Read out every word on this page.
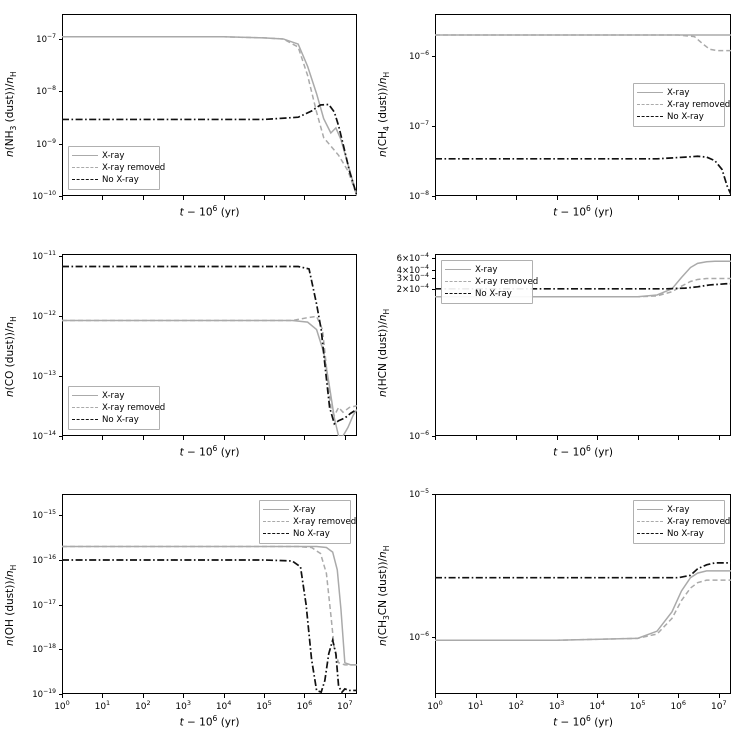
$10^{-10}$
$10^{-9}$
$10^{-8}$
$10^{-7}$
$n(NH_3$ $(dust))/n_H$
$t - 10^6$ (yr)
X-ray
X-ray removed
No X-ray
$10^{-8}$
$10^{-7}$
$10^{-6}$
$n(CH_4$ $(dust))/n_H$
$t - 10^6$ (yr)
X-ray
X-ray removed
No X-ray
$10^{-14}$
$10^{-13}$
$10^{-12}$
$10^{-11}$
n(CO $(dust))/n_H$
$t - 10^6$ (yr)
X-ray
X-ray removed
No X-ray
$10^{-6}$
$2\times 10^{-4}$
$3\times 10^{-4}$
$4\times 10^{-4}$
$6\times 10^{-4}$
n(HCN $(dust))/n_H$
$t - 10^6$ (yr)
X-ray
X-ray removed
No X-ray
$10^{-19}$
$10^{-18}$
$10^{-17}$
$10^{-16}$
$10^{-15}$
$10^0$	$10^1$	$10^2$	$10^3$	$10^4$	$10^5$	$10^6$	$10^7$
n(OH $(dust))/n_H$
$t - 10^6$ (yr)
X-ray
X-ray removed
No X-ray
$10^{-6}$
$10^{-5}$
$10^0$	$10^1$	$10^2$	$10^3$	$10^4$	$10^5$	$10^6$	$10^7$
$n(CH_3CN$ $(dust))/n_H$
$t - 10^6$ (yr)
X-ray
X-ray removed
No X-ray
